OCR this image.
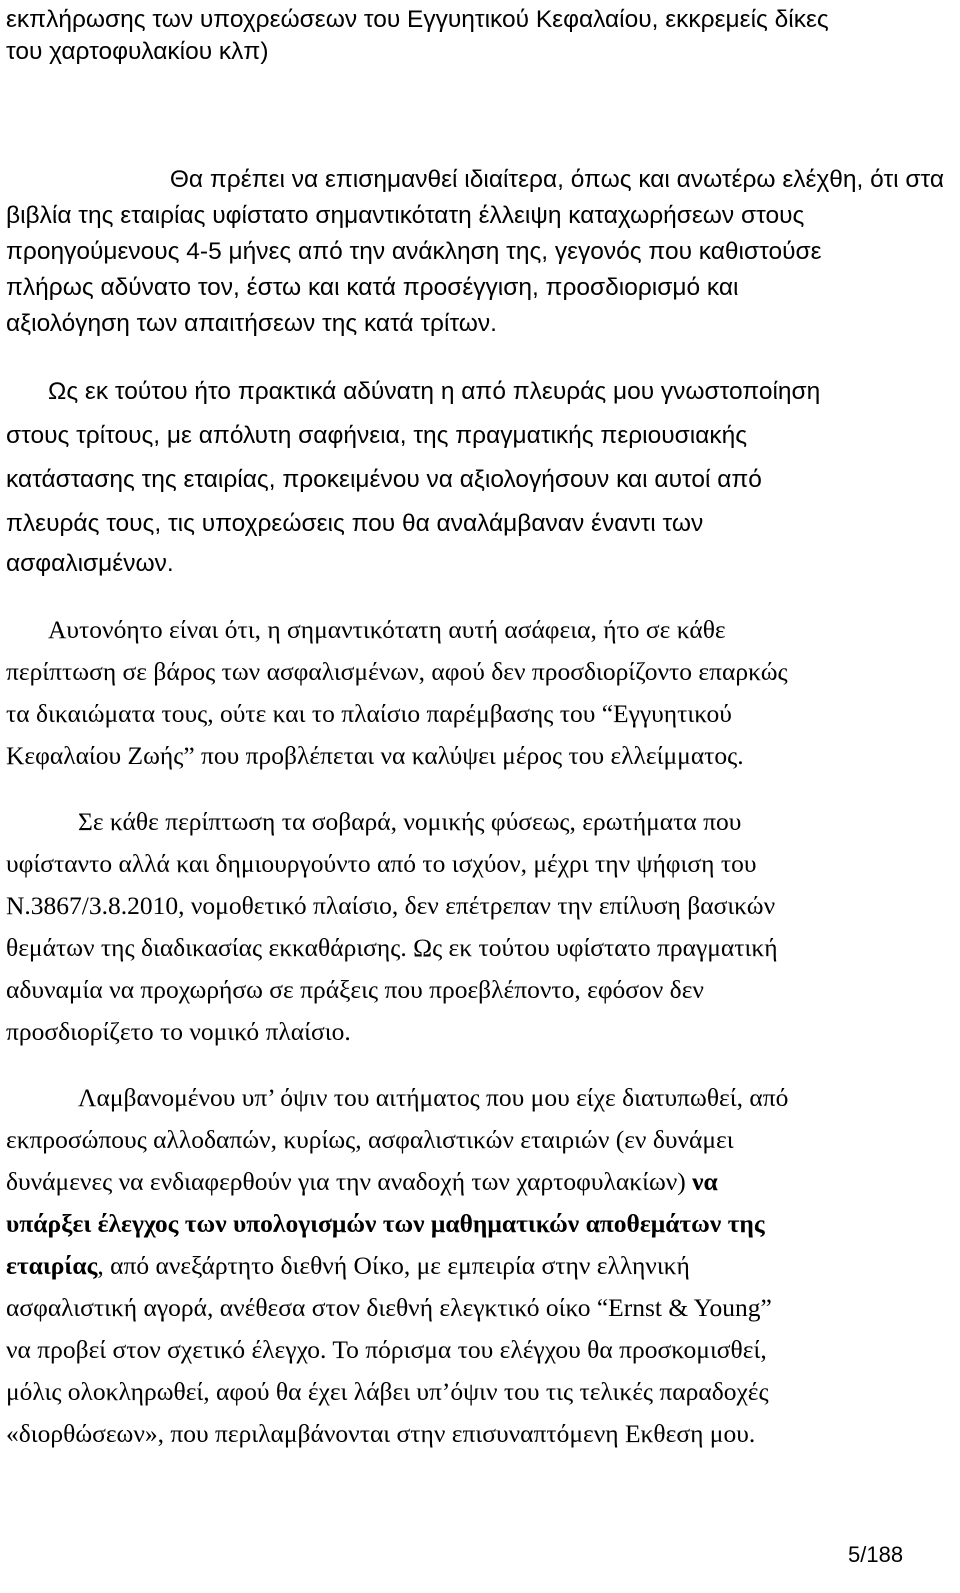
εκπλήρωσης των υποχρεώσεων του Εγγυητικού Κεφαλαίου, εκκρεμείς δίκες
του χαρτοφυλακίου κλπ)
Θα πρέπει να επισημανθεί ιδιαίτερα, όπως και ανωτέρω ελέχθη, ότι στα
βιβλία της εταιρίας υφίστατο σημαντικότατη έλλειψη καταχωρήσεων στους
προηγούμενους 4-5 μήνες από την ανάκληση της, γεγονός που καθιστούσε
πλήρως αδύνατο τον, έστω και κατά προσέγγιση, προσδιορισμό και
αξιολόγηση των απαιτήσεων της κατά τρίτων.
Ως εκ τούτου ήτο πρακτικά αδύνατη η από πλευράς μου γνωστοποίηση
στους τρίτους, με απόλυτη σαφήνεια, της πραγματικής περιουσιακής
κατάστασης της εταιρίας, προκειμένου να αξιολογήσουν και αυτοί από
πλευράς τους, τις υποχρεώσεις που θα αναλάμβαναν έναντι των
ασφαλισμένων.
Αυτονόητο είναι ότι, η σημαντικότατη αυτή ασάφεια, ήτο σε κάθε
περίπτωση σε βάρος των ασφαλισμένων, αφού δεν προσδιορίζοντο επαρκώς
τα δικαιώματα τους, ούτε και το πλαίσιο παρέμβασης του “Εγγυητικού
Κεφαλαίου Ζωής” που προβλέπεται να καλύψει μέρος του ελλείμματος.
Σε κάθε περίπτωση τα σοβαρά, νομικής φύσεως, ερωτήματα που
υφίσταντο αλλά και δημιουργούντο από το ισχύον, μέχρι την ψήφιση του
Ν.3867/3.8.2010, νομοθετικό πλαίσιο, δεν επέτρεπαν την επίλυση βασικών
θεμάτων της διαδικασίας εκκαθάρισης. Ως εκ τούτου υφίστατο πραγματική
αδυναμία να προχωρήσω σε πράξεις που προεβλέποντο, εφόσον δεν
προσδιορίζετο το νομικό πλαίσιο.
Λαμβανομένου υπ’ όψιν του αιτήματος που μου είχε διατυπωθεί, από
εκπροσώπους αλλοδαπών, κυρίως, ασφαλιστικών εταιριών (εν δυνάμει
δυνάμενες να ενδιαφερθούν για την αναδοχή των χαρτοφυλακίων) να
υπάρξει έλεγχος των υπολογισμών των μαθηματικών αποθεμάτων της
εταιρίας, από ανεξάρτητο διεθνή Οίκο, με εμπειρία στην ελληνική
ασφαλιστική αγορά, ανέθεσα στον διεθνή ελεγκτικό οίκο “Ernst & Young”
να προβεί στον σχετικό έλεγχο. Το πόρισμα του ελέγχου θα προσκομισθεί,
μόλις ολοκληρωθεί, αφού θα έχει λάβει υπ’όψιν του τις τελικές παραδοχές
«διορθώσεων», που περιλαμβάνονται στην επισυναπτόμενη Εκθεση μου.
5/188
